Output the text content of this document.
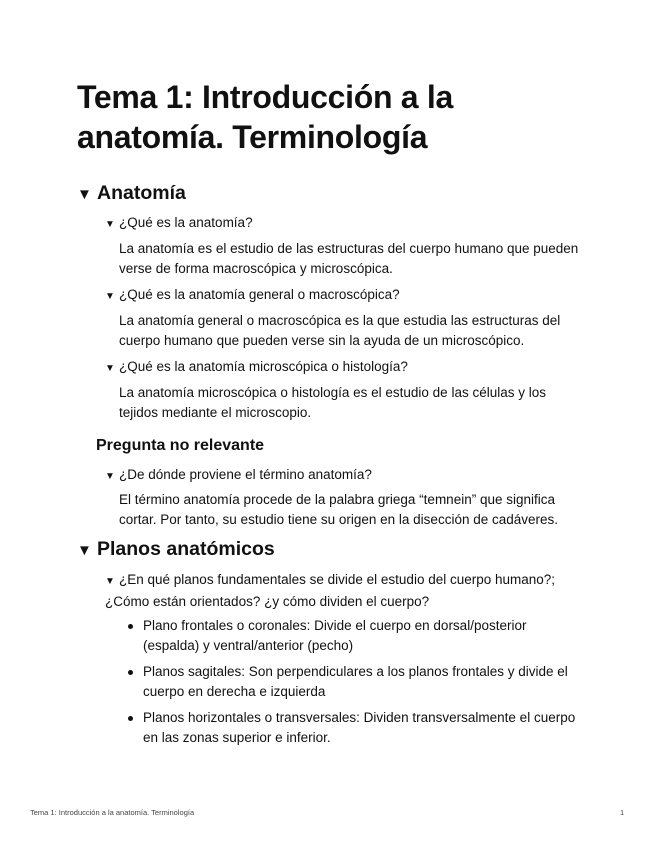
Tema 1: Introducción a la anatomía. Terminología
▼ Anatomía
▼ ¿Qué es la anatomía?
La anatomía es el estudio de las estructuras del cuerpo humano que pueden verse de forma macroscópica y microscópica.
▼ ¿Qué es la anatomía general o macroscópica?
La anatomía general o macroscópica es la que estudia las estructuras del cuerpo humano que pueden verse sin la ayuda de un microscópico.
▼ ¿Qué es la anatomía microscópica o histología?
La anatomía microscópica o histología es el estudio de las células y los tejidos mediante el microscopio.
Pregunta no relevante
▼ ¿De dónde proviene el término anatomía?
El término anatomía procede de la palabra griega “temnein” que significa cortar. Por tanto, su estudio tiene su origen en la disección de cadáveres.
▼ Planos anatómicos
▼ ¿En qué planos fundamentales se divide el estudio del cuerpo humano?; ¿Cómo están orientados? ¿y cómo dividen el cuerpo?
Plano frontales o coronales: Divide el cuerpo en dorsal/posterior (espalda) y ventral/anterior (pecho)
Planos sagitales: Son perpendiculares a los planos frontales y divide el cuerpo en derecha e izquierda
Planos horizontales o transversales: Dividen transversalmente el cuerpo en las zonas superior e inferior.
Tema 1: Introducción a la anatomía. Terminología	1
